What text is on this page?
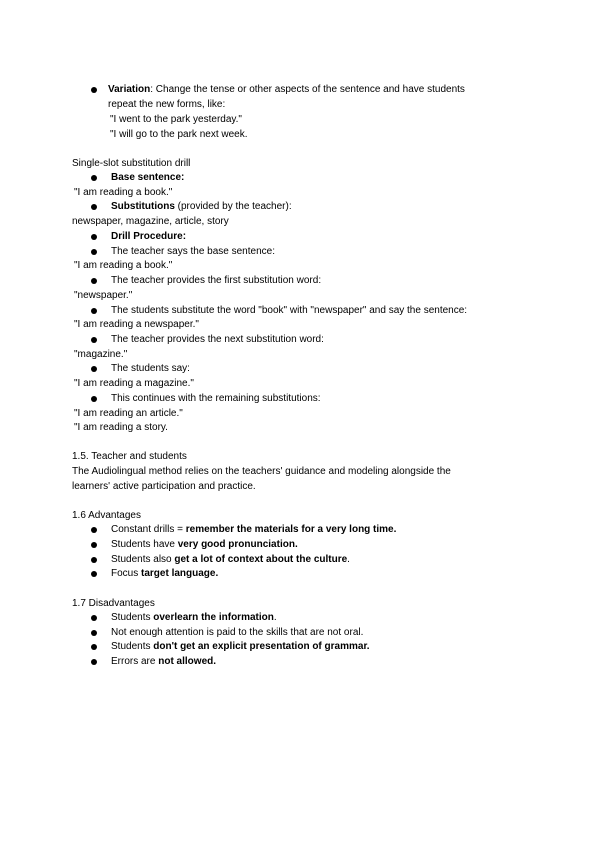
Variation: Change the tense or other aspects of the sentence and have students
repeat the new forms, like:
"I went to the park yesterday."
"I will go to the park next week.
Single-slot substitution drill
Base sentence:
"I am reading a book."
Substitutions (provided by the teacher):
newspaper, magazine, article, story
Drill Procedure:
The teacher says the base sentence:
"I am reading a book."
The teacher provides the first substitution word:
"newspaper."
The students substitute the word "book" with "newspaper" and say the sentence:
"I am reading a newspaper."
The teacher provides the next substitution word:
"magazine."
The students say:
"I am reading a magazine."
This continues with the remaining substitutions:
"I am reading an article."
"I am reading a story.
1.5. Teacher and students
The Audiolingual method relies on the teachers' guidance and modeling alongside the
learners' active participation and practice.
1.6 Advantages
Constant drills = remember the materials for a very long time.
Students have very good pronunciation.
Students also get a lot of context about the culture.
Focus target language.
1.7 Disadvantages
Students overlearn the information.
Not enough attention is paid to the skills that are not oral.
Students don't get an explicit presentation of grammar.
Errors are not allowed.
